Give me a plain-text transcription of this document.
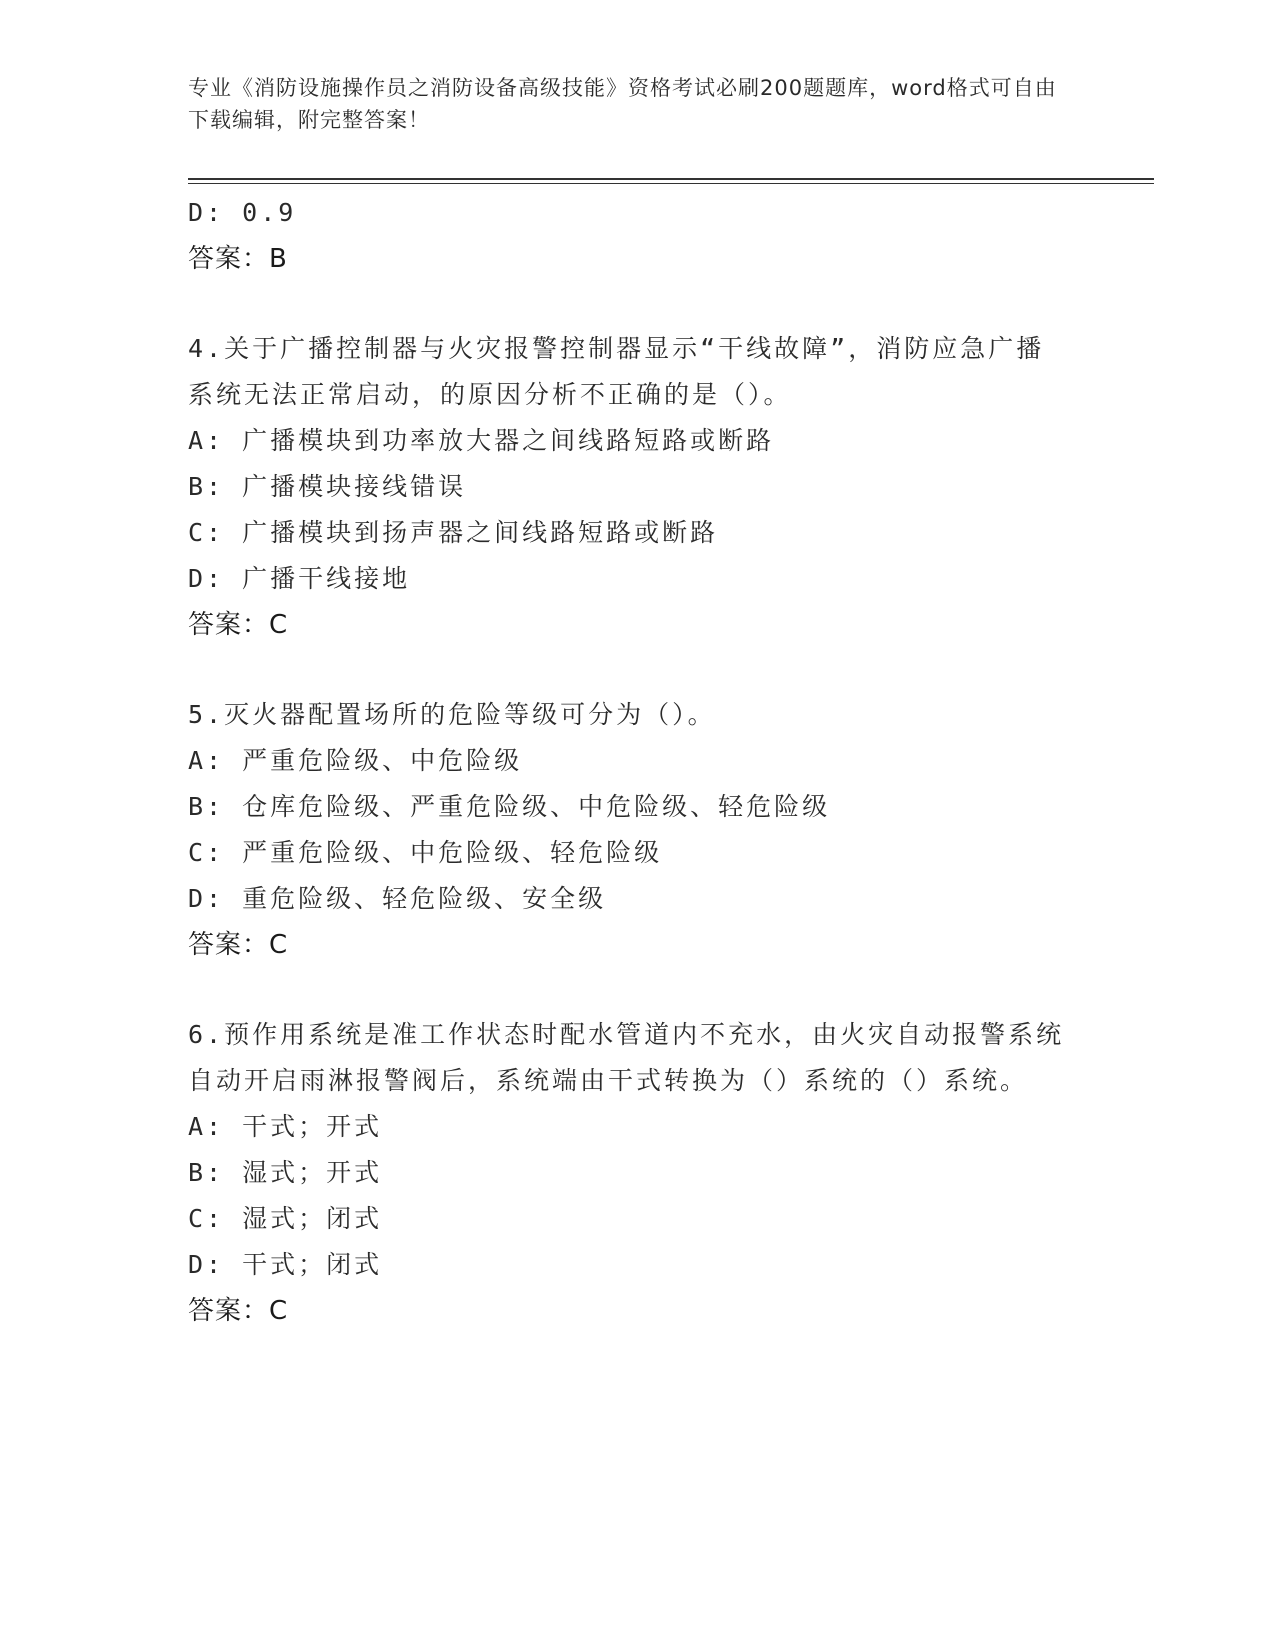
专业《消防设施操作员之消防设备高级技能》资格考试必刷200题题库，word格式可自由下载编辑，附完整答案！
D: 0.9
答案：B
4.关于广播控制器与火灾报警控制器显示“干线故障”，消防应急广播系统无法正常启动，的原因分析不正确的是（）。
A: 广播模块到功率放大器之间线路短路或断路
B: 广播模块接线错误
C: 广播模块到扬声器之间线路短路或断路
D: 广播干线接地
答案：C
5.灭火器配置场所的危险等级可分为（）。
A: 严重危险级、中危险级
B: 仓库危险级、严重危险级、中危险级、轻危险级
C: 严重危险级、中危险级、轻危险级
D: 重危险级、轻危险级、安全级
答案：C
6.预作用系统是准工作状态时配水管道内不充水，由火灾自动报警系统自动开启雨淋报警阀后，系统端由干式转换为（）系统的（）系统。
A: 干式；开式
B: 湿式；开式
C: 湿式；闭式
D: 干式；闭式
答案：C
